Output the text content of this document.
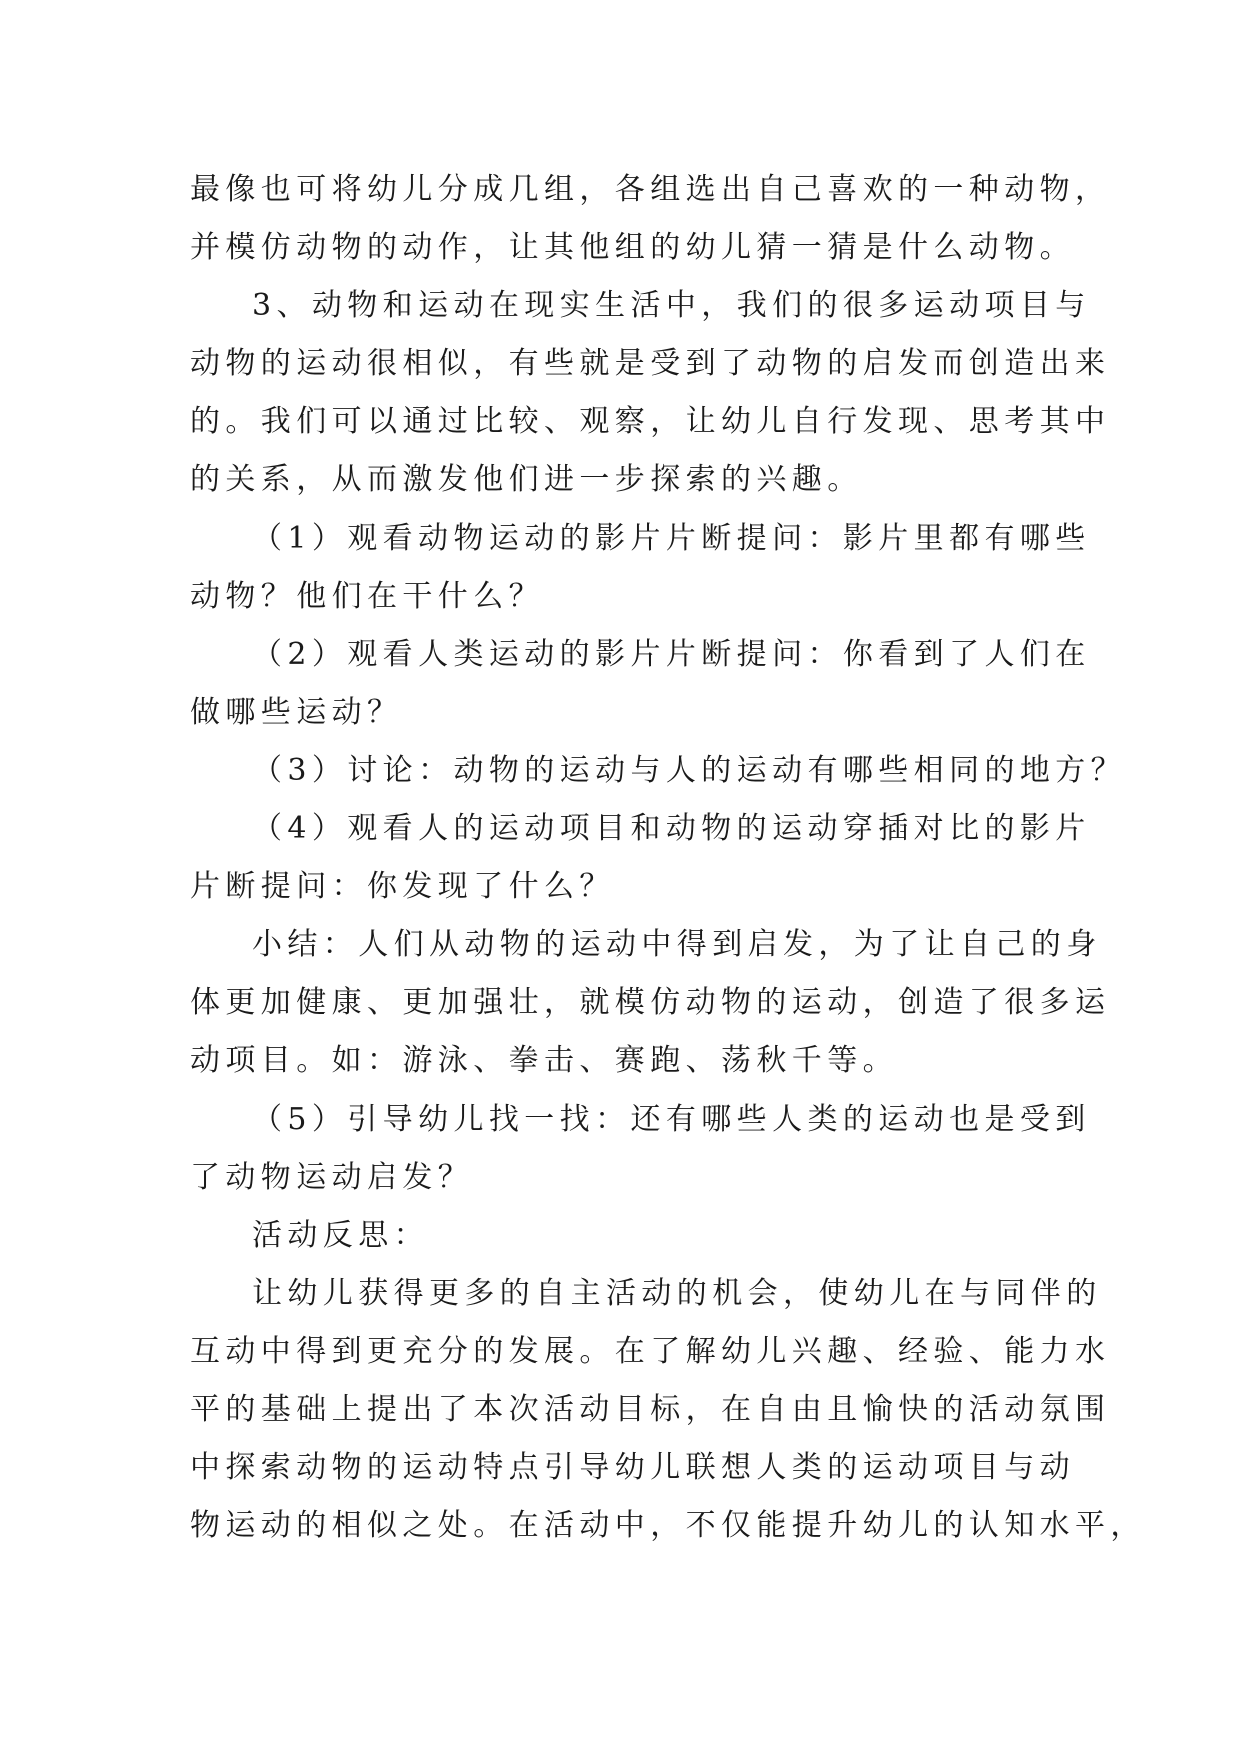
最像也可将幼儿分成几组，各组选出自己喜欢的一种动物，
并模仿动物的动作，让其他组的幼儿猜一猜是什么动物。
3、动物和运动在现实生活中，我们的很多运动项目与
动物的运动很相似，有些就是受到了动物的启发而创造出来
的。我们可以通过比较、观察，让幼儿自行发现、思考其中
的关系，从而激发他们进一步探索的兴趣。
（1）观看动物运动的影片片断提问：影片里都有哪些
动物？他们在干什么？
（2）观看人类运动的影片片断提问：你看到了人们在
做哪些运动？
（3）讨论：动物的运动与人的运动有哪些相同的地方？
（4）观看人的运动项目和动物的运动穿插对比的影片
片断提问：你发现了什么？
小结：人们从动物的运动中得到启发，为了让自己的身
体更加健康、更加强壮，就模仿动物的运动，创造了很多运
动项目。如：游泳、拳击、赛跑、荡秋千等。
（5）引导幼儿找一找：还有哪些人类的运动也是受到
了动物运动启发？
活动反思：
让幼儿获得更多的自主活动的机会，使幼儿在与同伴的
互动中得到更充分的发展。在了解幼儿兴趣、经验、能力水
平的基础上提出了本次活动目标，在自由且愉快的活动氛围
中探索动物的运动特点引导幼儿联想人类的运动项目与动
物运动的相似之处。在活动中，不仅能提升幼儿的认知水平，
